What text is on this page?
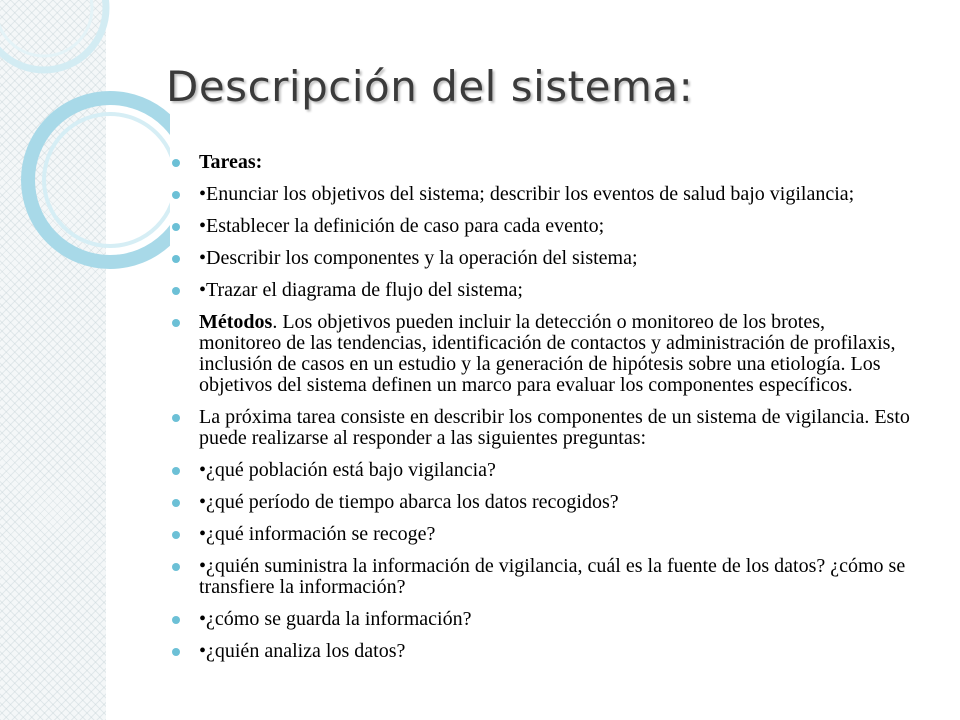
Descripción del sistema:
Tareas:
•Enunciar los objetivos del sistema; describir los eventos de salud bajo vigilancia;
•Establecer la definición de caso para cada evento;
•Describir los componentes y la operación del sistema;
•Trazar el diagrama de flujo del sistema;
Métodos. Los objetivos pueden incluir la detección o monitoreo de los brotes, monitoreo de las tendencias, identificación de contactos y administración de profilaxis, inclusión de casos en un estudio y la generación de hipótesis sobre una etiología. Los objetivos del sistema definen un marco para evaluar los componentes específicos.
La próxima tarea consiste en describir los componentes de un sistema de vigilancia. Esto puede realizarse al responder a las siguientes preguntas:
•¿qué población está bajo vigilancia?
•¿qué período de tiempo abarca los datos recogidos?
•¿qué información se recoge?
•¿quién suministra la información de vigilancia, cuál es la fuente de los datos? ¿cómo se transfiere la información?
•¿cómo se guarda la información?
•¿quién analiza los datos?
